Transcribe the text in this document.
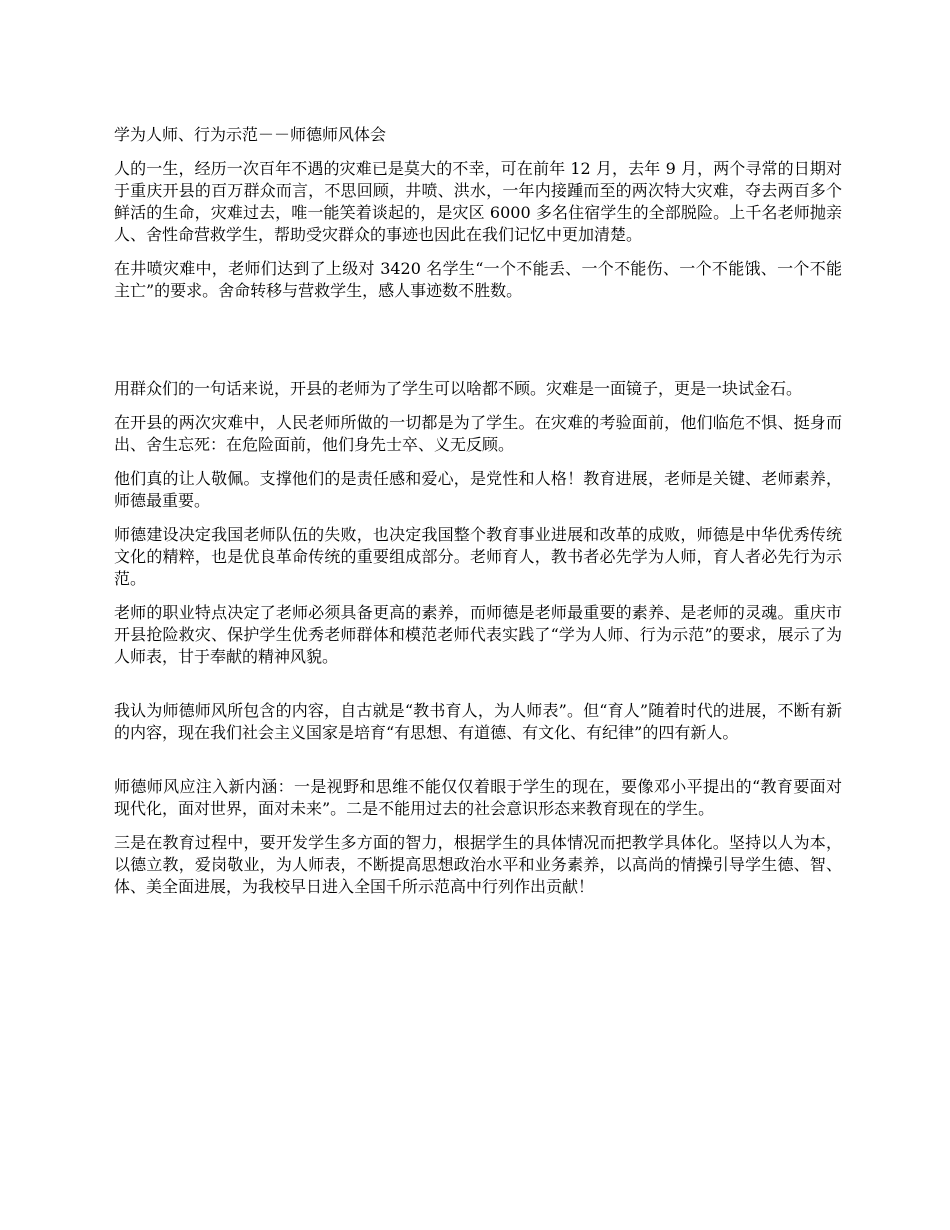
学为人师、行为示范－－师德师风体会

人的一生，经历一次百年不遇的灾难已是莫大的不幸，可在前年 12 月，去年 9 月，两个寻常的日期对于重庆开县的百万群众而言，不思回顾，井喷、洪水，一年内接踵而至的两次特大灾难，夺去两百多个鲜活的生命，灾难过去，唯一能笑着谈起的，是灾区 6000 多名住宿学生的全部脱险。上千名老师抛亲人、舍性命营救学生，帮助受灾群众的事迹也因此在我们记忆中更加清楚。

在井喷灾难中，老师们达到了上级对 3420 名学生“一个不能丢、一个不能伤、一个不能饿、一个不能主亡”的要求。舍命转移与营救学生，感人事迹数不胜数。

用群众们的一句话来说，开县的老师为了学生可以啥都不顾。灾难是一面镜子，更是一块试金石。

在开县的两次灾难中，人民老师所做的一切都是为了学生。在灾难的考验面前，他们临危不惧、挺身而出、舍生忘死：在危险面前，他们身先士卒、义无反顾。

他们真的让人敬佩。支撑他们的是责任感和爱心，是党性和人格！教育进展，老师是关键、老师素养，师德最重要。

师德建设决定我国老师队伍的失败，也决定我国整个教育事业进展和改革的成败，师德是中华优秀传统文化的精粹，也是优良革命传统的重要组成部分。老师育人，教书者必先学为人师，育人者必先行为示范。

老师的职业特点决定了老师必须具备更高的素养，而师德是老师最重要的素养、是老师的灵魂。重庆市开县抢险救灾、保护学生优秀老师群体和模范老师代表实践了“学为人师、行为示范”的要求，展示了为人师表，甘于奉献的精神风貌。

我认为师德师风所包含的内容，自古就是“教书育人，为人师表”。但“育人”随着时代的进展，不断有新的内容，现在我们社会主义国家是培育“有思想、有道德、有文化、有纪律”的四有新人。

师德师风应注入新内涵：一是视野和思维不能仅仅着眼于学生的现在，要像邓小平提出的“教育要面对现代化，面对世界，面对未来”。二是不能用过去的社会意识形态来教育现在的学生。

三是在教育过程中，要开发学生多方面的智力，根据学生的具体情况而把教学具体化。坚持以人为本，以德立教，爱岗敬业，为人师表，不断提高思想政治水平和业务素养，以高尚的情操引导学生德、智、体、美全面进展，为我校早日进入全国千所示范高中行列作出贡献！
